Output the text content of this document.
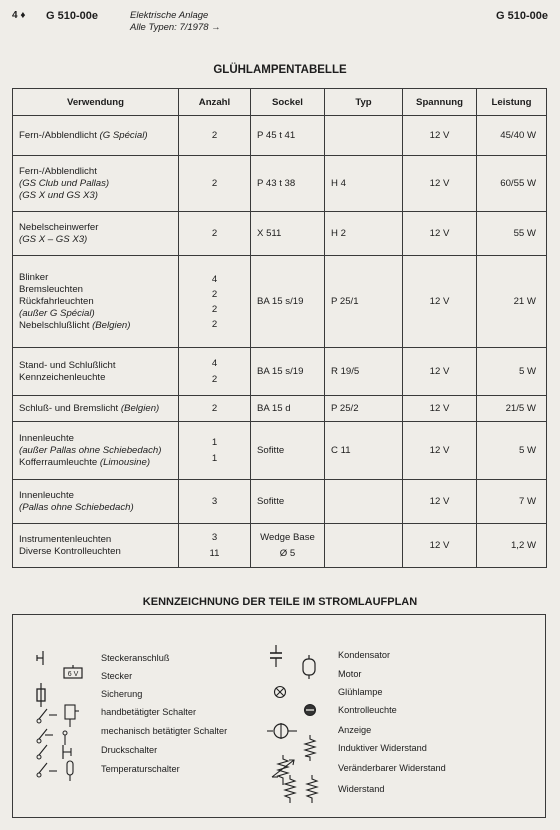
4 ♦ G 510-00e	Elektrische Anlage
Alle Typen: 7/1978 →
G 510-00e
GLÜHLAMPENTABELLE
Verwendung	Anzahl	Sockel	Typ	Spannung	Leistung

Fern-/Abblendlicht (G Spécial)	2	P 45 t 41		12 V	45/40 W

Fern-/Abblendlicht
(GS Club und Pallas)
(GS X und GS X3)	2	P 43 t 38	H 4	12 V	60/55 W

Nebelscheinwerfer
(GS X – GS X3)	2	X 511	H 2	12 V	55 W

Blinker
Bremsleuchten
Rückfahrleuchten
(außer G Spécial)
Nebelschlußlicht (Belgien)	4
2
2
2	BA 15 s/19	P 25/1	12 V	21 W

Stand- und Schlußlicht
Kennzeichenleuchte	4
2	BA 15 s/19	R 19/5	12 V	5 W

Schluß- und Bremslicht (Belgien)	2	BA 15 d	P 25/2	12 V	21/5 W

Innenleuchte
(außer Pallas ohne Schiebedach)
Kofferraumleuchte (Limousine)	1
1	Sofitte	C 11	12 V	5 W

Innenleuchte
(Pallas ohne Schiebedach)	3	Sofitte		12 V	7 W

Instrumentenleuchten
Diverse Kontrolleuchten	3
11	Wedge Base
Ø 5		12 V	1,2 W
KENNZEICHNUNG DER TEILE IM STROMLAUFPLAN
6 V
Steckeranschluß
Stecker
Sicherung
handbetätigter Schalter
mechanisch betätigter Schalter
Druckschalter
Temperaturschalter
Kondensator
Motor
Glühlampe
Kontrolleuchte
Anzeige
Induktiver Widerstand
Veränderbarer Widerstand
Widerstand
